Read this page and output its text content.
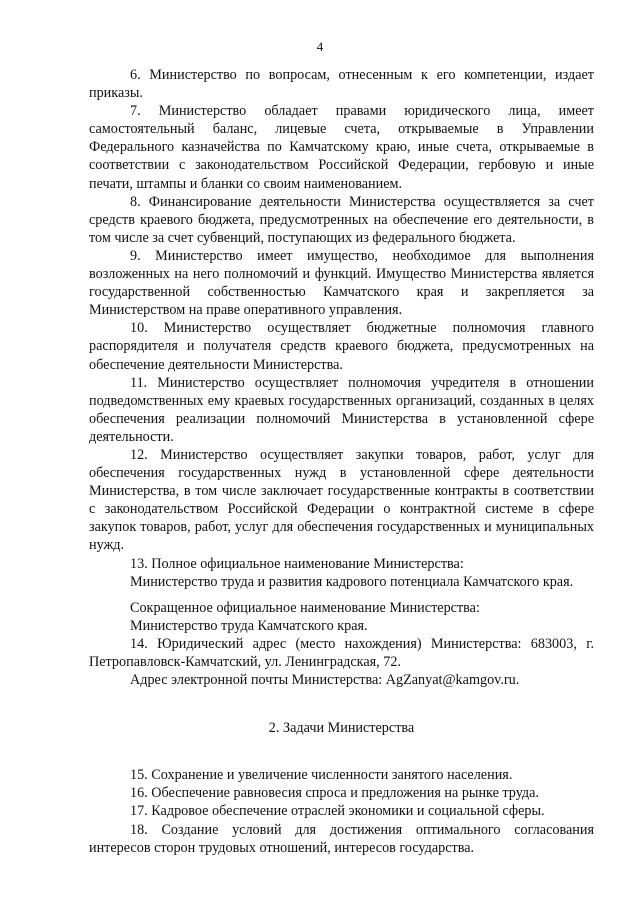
4

6. Министерство по вопросам, отнесенным к его компетенции, издает приказы.

7. Министерство обладает правами юридического лица, имеет самостоятельный баланс, лицевые счета, открываемые в Управлении Федерального казначейства по Камчатскому краю, иные счета, открываемые в соответствии с законодательством Российской Федерации, гербовую и иные печати, штампы и бланки со своим наименованием.

8. Финансирование деятельности Министерства осуществляется за счет средств краевого бюджета, предусмотренных на обеспечение его деятельности, в том числе за счет субвенций, поступающих из федерального бюджета.

9. Министерство имеет имущество, необходимое для выполнения возложенных на него полномочий и функций. Имущество Министерства является государственной собственностью Камчатского края и закрепляется за Министерством на праве оперативного управления.

10. Министерство осуществляет бюджетные полномочия главного распорядителя и получателя средств краевого бюджета, предусмотренных на обеспечение деятельности Министерства.

11. Министерство осуществляет полномочия учредителя в отношении подведомственных ему краевых государственных организаций, созданных в целях обеспечения реализации полномочий Министерства в установленной сфере деятельности.

12. Министерство осуществляет закупки товаров, работ, услуг для обеспечения государственных нужд в установленной сфере деятельности Министерства, в том числе заключает государственные контракты в соответствии с законодательством Российской Федерации о контрактной системе в сфере закупок товаров, работ, услуг для обеспечения государственных и муниципальных нужд.

13. Полное официальное наименование Министерства:

Министерство труда и развития кадрового потенциала Камчатского края.

Сокращенное официальное наименование Министерства:

Министерство труда Камчатского края.

14. Юридический адрес (место нахождения) Министерства: 683003, г. Петропавловск-Камчатский, ул. Ленинградская, 72.

Адрес электронной почты Министерства: AgZanyat@kamgov.ru.

2. Задачи Министерства

15. Сохранение и увеличение численности занятого населения.

16. Обеспечение равновесия спроса и предложения на рынке труда.

17. Кадровое обеспечение отраслей экономики и социальной сферы.

18. Создание условий для достижения оптимального согласования интересов сторон трудовых отношений, интересов государства.
